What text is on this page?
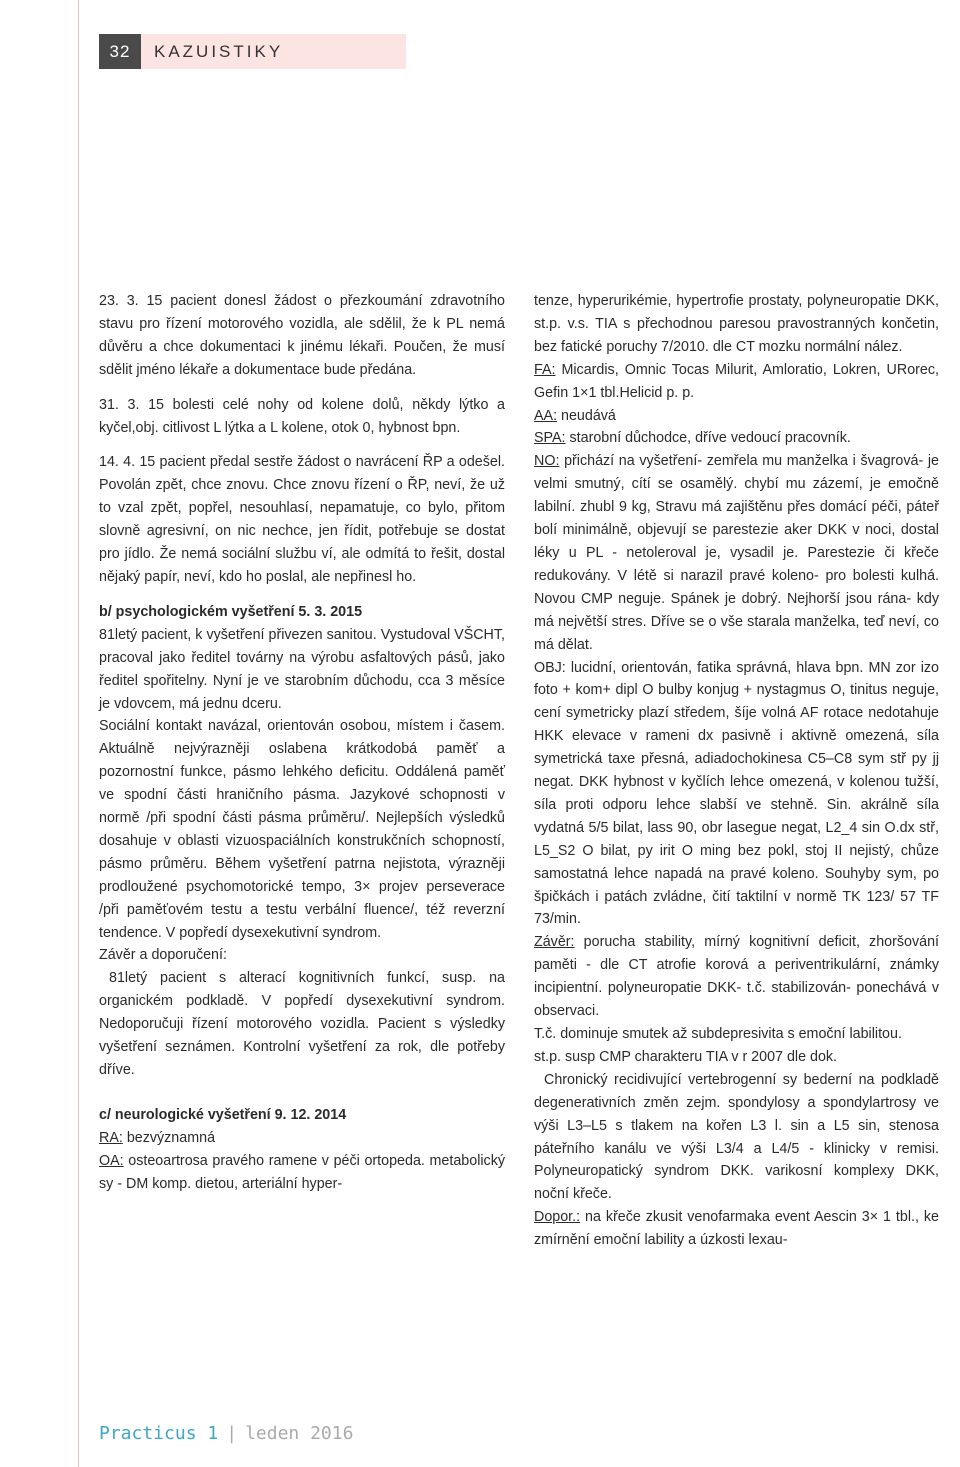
32	KAZUISTIKY

23. 3. 15 pacient donesl žádost o přezkoumání zdravotního stavu pro řízení motorového vozidla, ale sdělil, že k PL nemá důvěru a chce dokumentaci k jinému lékaři. Poučen, že musí sdělit jméno lékaře a dokumentace bude předána.

31. 3. 15 bolesti celé nohy od kolene dolů, někdy lýtko a kyčel,obj. citlivost L lýtka a L kolene, otok 0, hybnost bpn.

14. 4. 15 pacient předal sestře žádost o navrácení ŘP a odešel. Povolán zpět, chce znovu. Chce znovu řízení o ŘP, neví, že už to vzal zpět, popřel, nesouhlasí, nepamatuje, co bylo, přitom slovně agresivní, on nic nechce, jen řídit, potřebuje se dostat pro jídlo. Že nemá sociální službu ví, ale odmítá to řešit, dostal nějaký papír, neví, kdo ho poslal, ale nepřinesl ho.

b/ psychologickém vyšetření 5. 3. 2015

81letý pacient, k vyšetření přivezen sanitou. Vystudoval VŠCHT, pracoval jako ředitel továrny na výrobu asfaltových pásů, jako ředitel spořitelny. Nyní je ve starobním důchodu, cca 3 měsíce je vdovcem, má jednu dceru.

Sociální kontakt navázal, orientován osobou, místem i časem. Aktuálně nejvýrazněji oslabena krátkodobá paměť a pozornostní funkce, pásmo lehkého deficitu. Oddálená paměť ve spodní části hraničního pásma. Jazykové schopnosti v normě /při spodní části pásma průměru/. Nejlepších výsledků dosahuje v oblasti vizuospaciálních konstrukčních schopností, pásmo průměru. Během vyšetření patrna nejistota, výrazněji prodloužené psychomotorické tempo, 3× projev perseverace /při paměťovém testu a testu verbální fluence/, též reverzní tendence. V popředí dysexekutivní syndrom.

Závěr a doporučení:

81letý pacient s alterací kognitivních funkcí, susp. na organickém podkladě. V popředí dysexekutivní syndrom. Nedoporučuji řízení motorového vozidla. Pacient s výsledky vyšetření seznámen. Kontrolní vyšetření za rok, dle potřeby dříve.

c/ neurologické vyšetření 9. 12. 2014

RA: bezvýznamná

OA: osteoartrosa pravého ramene v péči ortopeda. metabolický sy - DM komp. dietou, arteriální hyper-

tenze, hyperurikémie, hypertrofie prostaty, polyneuropatie DKK, st.p. v.s. TIA s přechodnou paresou pravostranných končetin, bez fatické poruchy 7/2010. dle CT mozku normální nález.

FA: Micardis, Omnic Tocas Milurit, Amloratio, Lokren, URorec, Gefin 1×1 tbl.Helicid p. p.

AA: neudává

SPA: starobní důchodce, dříve vedoucí pracovník.

NO: přichází na vyšetření- zemřela mu manželka i švagrová- je velmi smutný, cítí se osamělý. chybí mu zázemí, je emočně labilní. zhubl 9 kg, Stravu má zajištěnu přes domácí péči, páteř bolí minimálně, objevují se parestezie aker DKK v noci, dostal léky u PL - netoleroval je, vysadil je. Parestezie či křeče redukovány. V létě si narazil pravé koleno- pro bolesti kulhá. Novou CMP neguje. Spánek je dobrý. Nejhorší jsou rána- kdy má největší stres. Dříve se o vše starala manželka, teď neví, co má dělat.

OBJ: lucidní, orientován, fatika správná, hlava bpn. MN zor izo foto + kom+ dipl O bulby konjug + nystagmus O, tinitus neguje, cení symetricky plazí středem, šíje volná AF rotace nedotahuje HKK elevace v rameni dx pasivně i aktivně omezená, síla symetrická taxe přesná, adiadochokinesa C5–C8 sym stř py jj negat. DKK hybnost v kyčlích lehce omezená, v kolenou tužší, síla proti odporu lehce slabší ve stehně. Sin. akrálně síla vydatná 5/5 bilat, lass 90, obr lasegue negat, L2_4 sin O.dx stř, L5_S2 O bilat, py irit O ming bez pokl, stoj II nejistý, chůze samostatná lehce napadá na pravé koleno. Souhyby sym, po špičkách i patách zvládne, čití taktilní v normě TK 123/ 57 TF 73/min.

Závěr: porucha stability, mírný kognitivní deficit, zhoršování paměti - dle CT atrofie korová a periventrikulární, známky incipientní. polyneuropatie DKK- t.č. stabilizován- ponechává v observaci.

T.č. dominuje smutek až subdepresivita s emoční labilitou.

st.p. susp CMP charakteru TIA v r 2007 dle dok.

Chronický recidivující vertebrogenní sy bederní na podkladě degenerativních změn zejm. spondylosy a spondylartrosy ve výši L3–L5 s tlakem na kořen L3 l. sin a L5 sin, stenosa páteřního kanálu ve výši L3/4 a L4/5 - klinicky v remisi. Polyneuropatický syndrom DKK. varikosní komplexy DKK, noční křeče.

Dopor.: na křeče zkusit venofarmaka event Aescin 3× 1 tbl., ke zmírnění emoční lability a úzkosti lexau-

Practicus 1 | leden 2016
